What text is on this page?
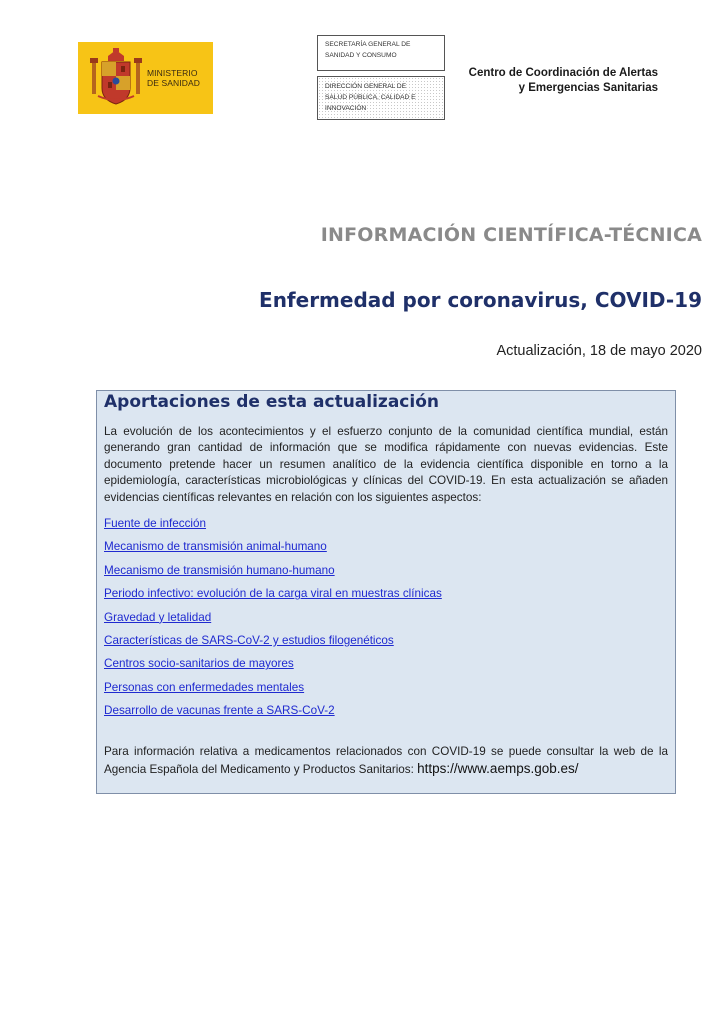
MINISTERIO
DE SANIDAD
SECRETARÍA GENERAL DE
SANIDAD Y CONSUMO
DIRECCIÓN GENERAL DE
SALUD PÚBLICA, CALIDAD E
INNOVACIÓN
Centro de Coordinación de Alertas
y Emergencias Sanitarias
INFORMACIÓN CIENTÍFICA-TÉCNICA
Enfermedad por coronavirus, COVID-19
Actualización, 18 de mayo 2020
Aportaciones de esta actualización

La evolución de los acontecimientos y el esfuerzo conjunto de la comunidad científica mundial, están generando gran cantidad de información que se modifica rápidamente con nuevas evidencias. Este documento pretende hacer un resumen analítico de la evidencia científica disponible en torno a la epidemiología, características microbiológicas y clínicas del COVID-19. En esta actualización se añaden evidencias científicas relevantes en relación con los siguientes aspectos:

Fuente de infección
Mecanismo de transmisión animal-humano
Mecanismo de transmisión humano-humano
Periodo infectivo: evolución de la carga viral en muestras clínicas
Gravedad y letalidad
Características de SARS-CoV-2 y estudios filogenéticos
Centros socio-sanitarios de mayores
Personas con enfermedades mentales
Desarrollo de vacunas frente a SARS-CoV-2

Para información relativa a medicamentos relacionados con COVID-19 se puede consultar la web de la Agencia Española del Medicamento y Productos Sanitarios: https://www.aemps.gob.es/
